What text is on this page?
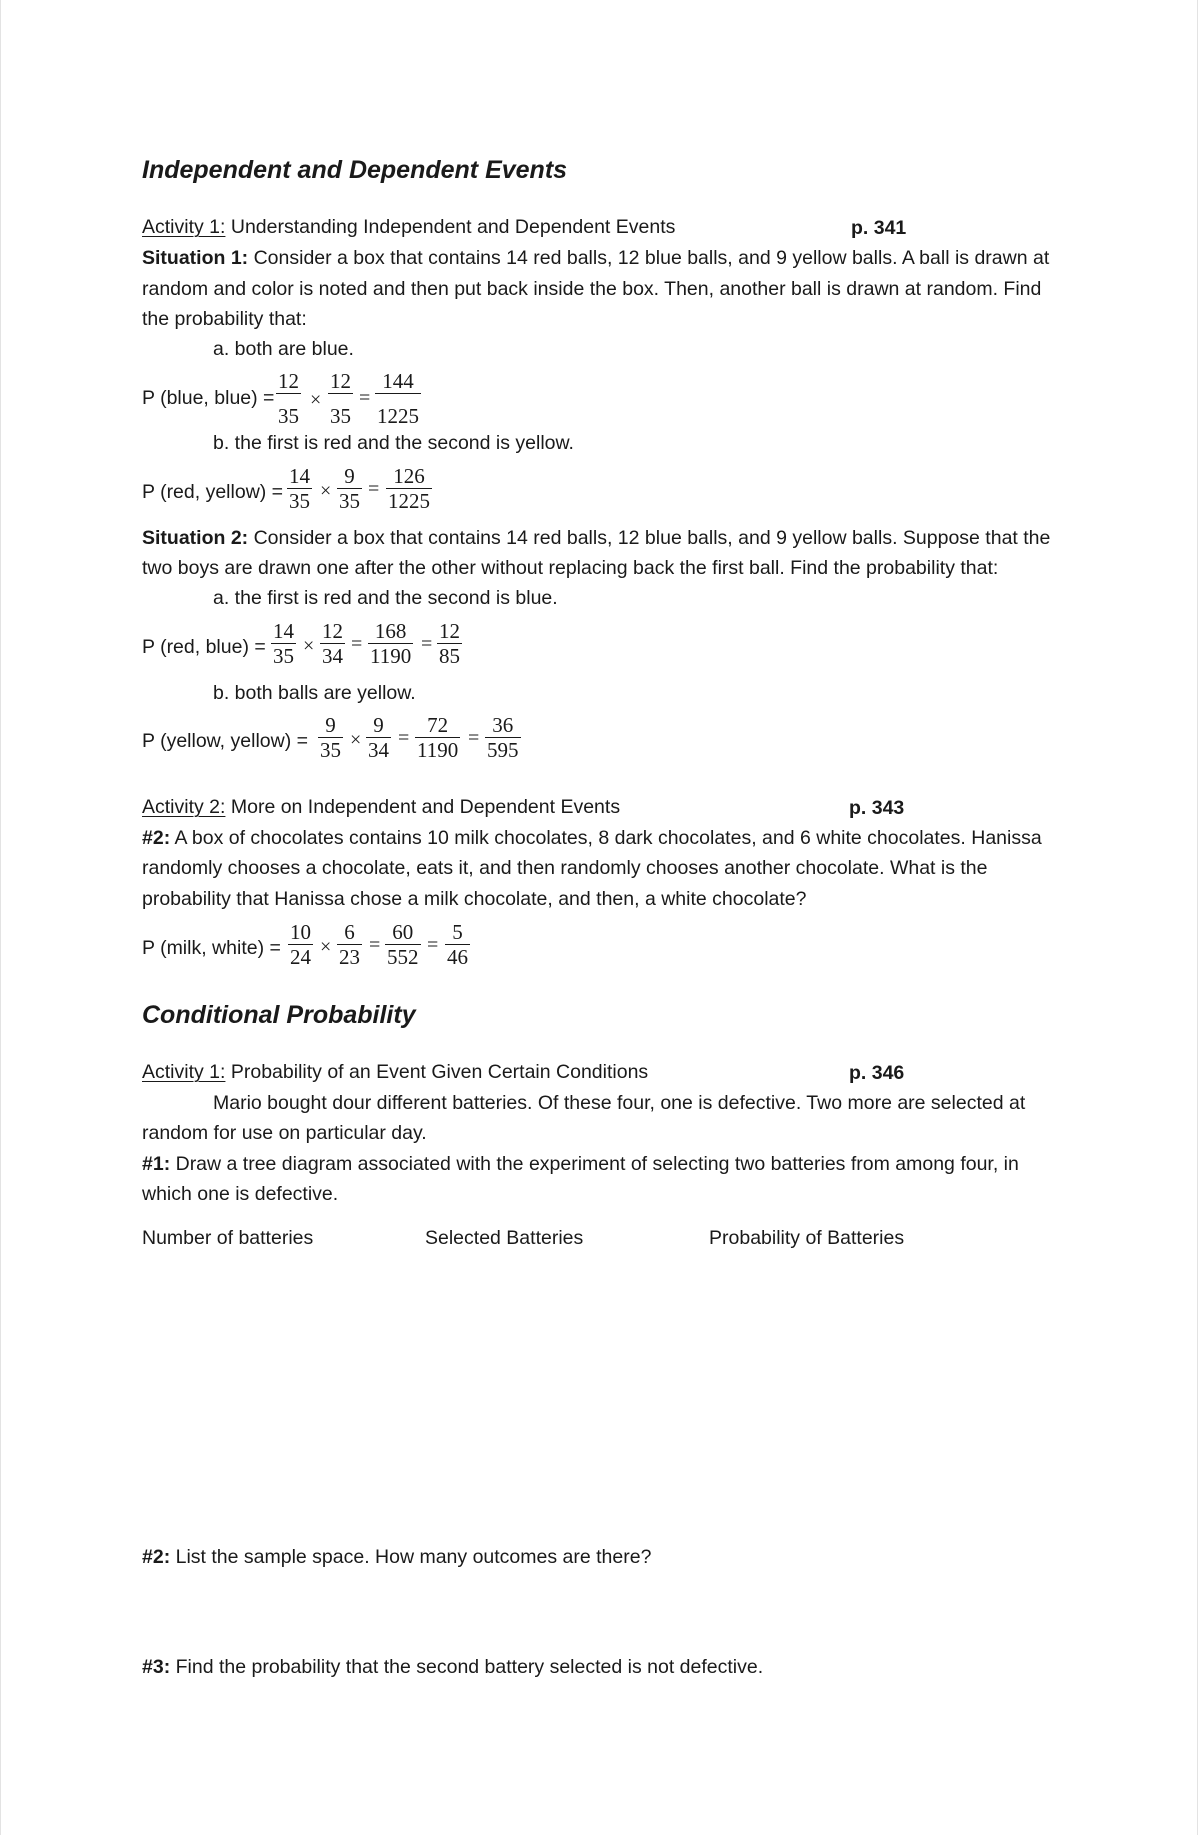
Independent and Dependent Events
Activity 1: Understanding Independent and Dependent Events	p. 341
Situation 1: Consider a box that contains 14 red balls, 12 blue balls, and 9 yellow balls. A ball is drawn at
random and color is noted and then put back inside the box. Then, another ball is drawn at random. Find
the probability that:
a. both are blue.
P (blue, blue) = $\frac{12}{35} \times \frac{12}{35} = \frac{144}{1225}$
b. the first is red and the second is yellow.
P (red, yellow) = $\frac{14}{35} \times \frac{9}{35} = \frac{126}{1225}$
Situation 2: Consider a box that contains 14 red balls, 12 blue balls, and 9 yellow balls. Suppose that the
two boys are drawn one after the other without replacing back the first ball. Find the probability that:
a. the first is red and the second is blue.
P (red, blue) = $\frac{14}{35} \times \frac{12}{34} = \frac{168}{1190} = \frac{12}{85}$
b. both balls are yellow.
P (yellow, yellow) = $\frac{9}{35} \times \frac{9}{34} = \frac{72}{1190} = \frac{36}{595}$
Activity 2: More on Independent and Dependent Events	p. 343
#2: A box of chocolates contains 10 milk chocolates, 8 dark chocolates, and 6 white chocolates. Hanissa
randomly chooses a chocolate, eats it, and then randomly chooses another chocolate. What is the
probability that Hanissa chose a milk chocolate, and then, a white chocolate?
P (milk, white) = $\frac{10}{24} \times \frac{6}{23} = \frac{60}{552} = \frac{5}{46}$
Conditional Probability
Activity 1: Probability of an Event Given Certain Conditions	p. 346
Mario bought dour different batteries. Of these four, one is defective. Two more are selected at
random for use on particular day.
#1: Draw a tree diagram associated with the experiment of selecting two batteries from among four, in
which one is defective.
Number of batteries	Selected Batteries	Probability of Batteries
#2: List the sample space. How many outcomes are there?
#3: Find the probability that the second battery selected is not defective.
